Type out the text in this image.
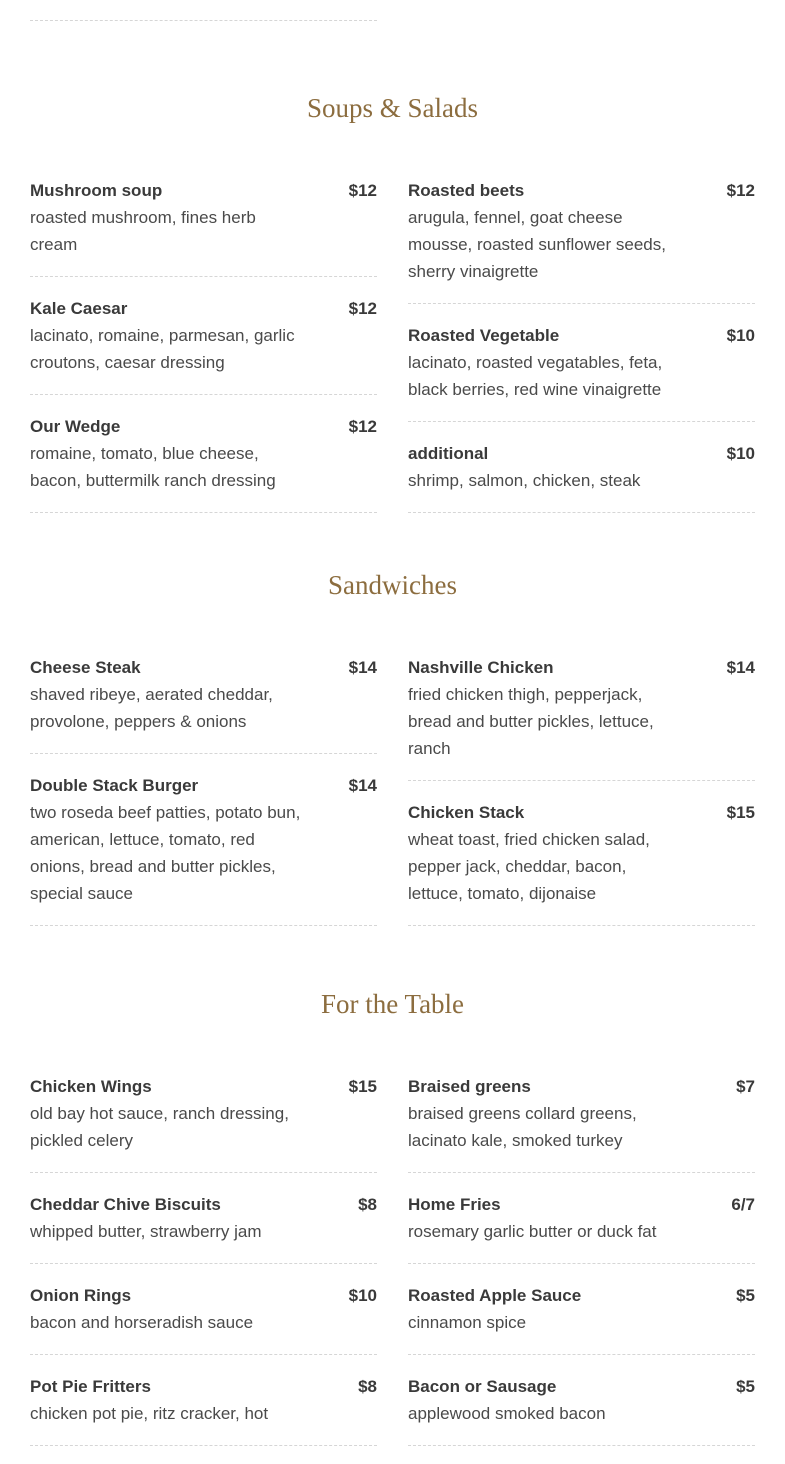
Soups & Salads
Mushroom soup	$12
roasted mushroom, fines herb cream
Kale Caesar	$12
lacinato, romaine, parmesan, garlic croutons, caesar dressing
Our Wedge	$12
romaine, tomato, blue cheese, bacon, buttermilk ranch dressing
Roasted beets	$12
arugula, fennel, goat cheese mousse, roasted sunflower seeds, sherry vinaigrette
Roasted Vegetable	$10
lacinato, roasted vegatables, feta, black berries, red wine vinaigrette
additional	$10
shrimp, salmon, chicken, steak
Sandwiches
Cheese Steak	$14
shaved ribeye, aerated cheddar, provolone, peppers & onions
Double Stack Burger	$14
two roseda beef patties, potato bun, american, lettuce, tomato, red onions, bread and butter pickles, special sauce
Nashville Chicken	$14
fried chicken thigh, pepperjack, bread and butter pickles, lettuce, ranch
Chicken Stack	$15
wheat toast, fried chicken salad, pepper jack, cheddar, bacon, lettuce, tomato, dijonaise
For the Table
Chicken Wings	$15
old bay hot sauce, ranch dressing, pickled celery
Cheddar Chive Biscuits	$8
whipped butter, strawberry jam
Onion Rings	$10
bacon and horseradish sauce
Pot Pie Fritters	$8
chicken pot pie, ritz cracker, hot
Braised greens	$7
braised greens collard greens, lacinato kale, smoked turkey
Home Fries	6/7
rosemary garlic butter or duck fat
Roasted Apple Sauce	$5
cinnamon spice
Bacon or Sausage	$5
applewood smoked bacon
